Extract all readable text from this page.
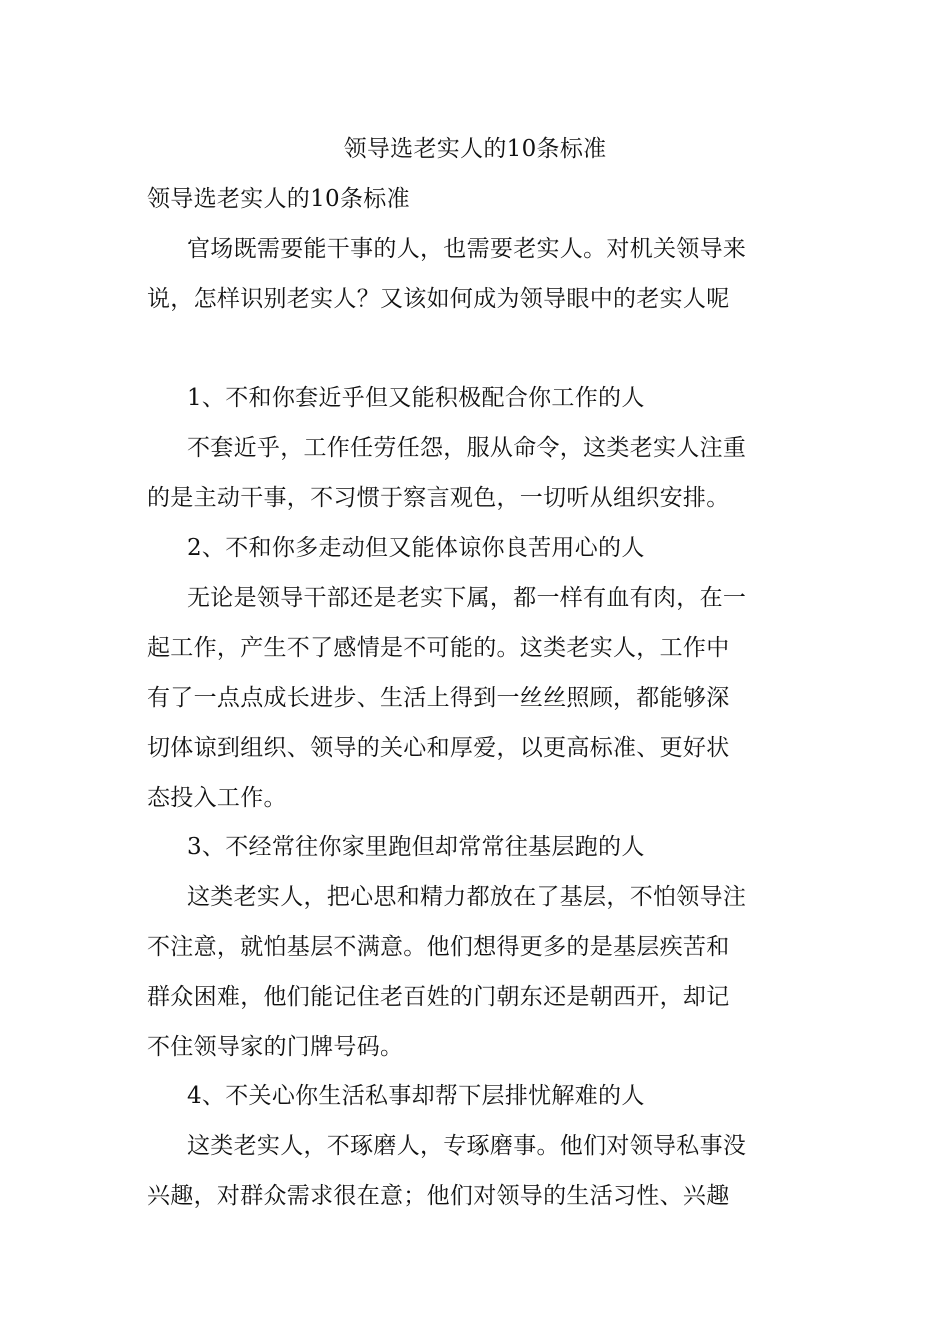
领导选老实人的10条标准
领导选老实人的10条标准
官场既需要能干事的人，也需要老实人。对机关领导来
说，怎样识别老实人？又该如何成为领导眼中的老实人呢
1、不和你套近乎但又能积极配合你工作的人
不套近乎，工作任劳任怨，服从命令，这类老实人注重
的是主动干事，不习惯于察言观色，一切听从组织安排。
2、不和你多走动但又能体谅你良苦用心的人
无论是领导干部还是老实下属，都一样有血有肉，在一
起工作，产生不了感情是不可能的。这类老实人，工作中
有了一点点成长进步、生活上得到一丝丝照顾，都能够深
切体谅到组织、领导的关心和厚爱，以更高标准、更好状
态投入工作。
3、不经常往你家里跑但却常常往基层跑的人
这类老实人，把心思和精力都放在了基层，不怕领导注
不注意，就怕基层不满意。他们想得更多的是基层疾苦和
群众困难，他们能记住老百姓的门朝东还是朝西开，却记
不住领导家的门牌号码。
4、不关心你生活私事却帮下层排忧解难的人
这类老实人，不琢磨人，专琢磨事。他们对领导私事没
兴趣，对群众需求很在意；他们对领导的生活习性、兴趣
